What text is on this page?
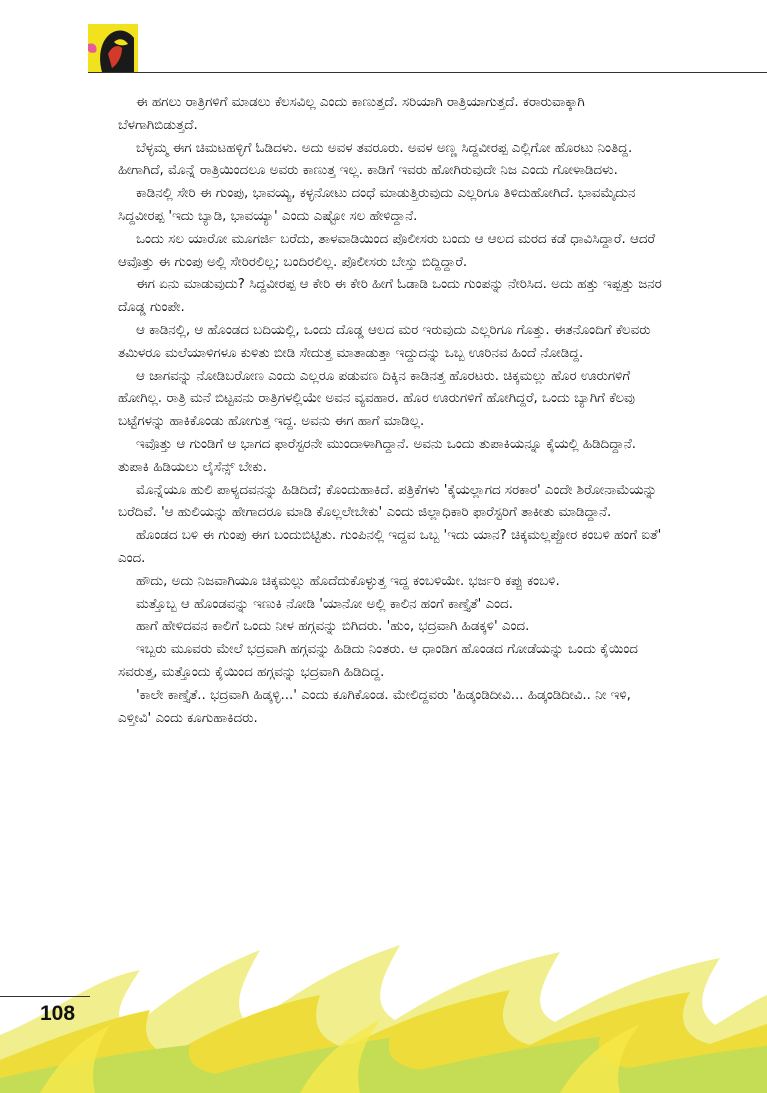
ಈ ಹಗಲು ರಾತ್ರಿಗಳಿಗೆ ಮಾಡಲು ಕೆಲಸವಿಲ್ಲ ಎಂದು ಕಾಣುತ್ತದೆ. ಸರಿಯಾಗಿ ರಾತ್ರಿಯಾಗುತ್ತದೆ. ಕರಾರುವಾಕ್ಕಾಗಿ ಬೆಳಗಾಗಿಬಿಡುತ್ತದೆ.

ಬೆಳ್ಳಮ್ಮ ಈಗ ಚಿಮಟಹಳ್ಳಿಗೆ ಓಡಿದಳು. ಅದು ಅವಳ ತವರೂರು. ಅವಳ ಅಣ್ಣ ಸಿದ್ದವೀರಪ್ಪ ಎಲ್ಲಿಗೋ ಹೊರಟು ನಿಂತಿದ್ದ. ಹೀಗಾಗಿದೆ, ಮೊನ್ನೆ ರಾತ್ರಿಯಿಂದಲೂ ಅವರು ಕಾಣುತ್ತ ಇಲ್ಲ. ಕಾಡಿಗೆ ಇವರು ಹೋಗಿರುವುದೇ ನಿಜ ಎಂದು ಗೋಳಾಡಿದಳು.

ಕಾಡಿನಲ್ಲಿ ಸೇರಿ ಈ ಗುಂಪು, ಭಾವಯ್ಯ, ಕಳ್ಳನೋಟು ದಂಧೆ ಮಾಡುತ್ತಿರುವುದು ಎಲ್ಲರಿಗೂ ತಿಳಿದುಹೋಗಿದೆ. ಭಾವಮೈದುನ ಸಿದ್ದವೀರಪ್ಪ 'ಇದು ಬ್ಯಾಡಿ, ಭಾವಯ್ಯಾ' ಎಂದು ಎಷ್ಟೋ ಸಲ ಹೇಳಿದ್ದಾನೆ.

ಒಂದು ಸಲ ಯಾರೋ ಮೂಗರ್ಜಿ ಬರೆದು, ತಾಳವಾಡಿಯಿಂದ ಪೊಲೀಸರು ಬಂದು ಆ ಆಲದ ಮರದ ಕಡೆ ಧಾವಿಸಿದ್ದಾರೆ. ಆದರೆ ಆವೊತ್ತು ಈ ಗುಂಪು ಅಲ್ಲಿ ಸೇರಿರಲಿಲ್ಲ; ಬಂದಿರಲಿಲ್ಲ. ಪೊಲೀಸರು ಬೇಸ್ತು ಬಿದ್ದಿದ್ದಾರೆ.

ಈಗ ಏನು ಮಾಡುವುದು? ಸಿದ್ದವೀರಪ್ಪ ಆ ಕೇರಿ ಈ ಕೇರಿ ಹೀಗೆ ಓಡಾಡಿ ಒಂದು ಗುಂಪನ್ನು ನೇರಿಸಿದ. ಅದು ಹತ್ತು ಇಪ್ಪತ್ತು ಜನರ ದೊಡ್ಡ ಗುಂಪೇ.

ಆ ಕಾಡಿನಲ್ಲಿ, ಆ ಹೊಂಡದ ಬದಿಯಲ್ಲಿ, ಒಂದು ದೊಡ್ಡ ಆಲದ ಮರ ಇರುವುದು ಎಲ್ಲರಿಗೂ ಗೊತ್ತು. ಈತನೊಂದಿಗೆ ಕೆಲವರು ತಮಿಳರೂ ಮಲೆಯಾಳಿಗಳೂ ಕುಳಿತು ಬೀಡಿ ಸೇದುತ್ತ ಮಾತಾಡುತ್ತಾ ಇದ್ದುದನ್ನು ಒಬ್ಬ ಊರಿನವ ಹಿಂದೆ ನೋಡಿದ್ದ.

ಆ ಜಾಗವನ್ನು ನೋಡಿಬರೋಣ ಎಂದು ಎಲ್ಲರೂ ಪಡುವಣ ದಿಕ್ಕಿನ ಕಾಡಿನತ್ತ ಹೊರಟರು. ಚಿಕ್ಕಮಲ್ಲು ಹೊರ ಊರುಗಳಿಗೆ ಹೋಗಿಲ್ಲ. ರಾತ್ರಿ ಮನೆ ಬಿಟ್ಟವನು ರಾತ್ರಿಗಳಲ್ಲಿಯೇ ಅವನ ವ್ಯವಹಾರ. ಹೊರ ಊರುಗಳಿಗೆ ಹೋಗಿದ್ದರೆ, ಒಂದು ಬ್ಯಾಗಿಗೆ ಕೆಲವು ಬಟ್ಟೆಗಳನ್ನು ಹಾಕಿಕೊಂಡು ಹೋಗುತ್ತ ಇದ್ದ. ಅವನು ಈಗ ಹಾಗೆ ಮಾಡಿಲ್ಲ.

ಇವೊತ್ತು ಆ ಗುಂಡಿಗೆ ಆ ಭಾಗದ ಫಾರೆಸ್ಟರನೇ ಮುಂದಾಳಾಗಿದ್ದಾನೆ. ಅವನು ಒಂದು ತುಪಾಕಿಯನ್ನೂ ಕೈಯಲ್ಲಿ ಹಿಡಿದಿದ್ದಾನೆ. ತುಪಾಕಿ ಹಿಡಿಯಲು ಲೈಸೆನ್ಸ್ ಬೇಕು.

ಮೊನ್ನೆಯೂ ಹುಲಿ ಪಾಳ್ಯದವನನ್ನು ಹಿಡಿದಿದೆ; ಕೊಂದುಹಾಕಿದೆ. ಪತ್ರಿಕೆಗಳು 'ಕೈಯಲ್ಲಾಗದ ಸರಕಾರ' ಎಂದೇ ಶಿರೋನಾಮೆಯನ್ನು ಬರೆದಿವೆ. 'ಆ ಹುಲಿಯನ್ನು ಹೇಗಾದರೂ ಮಾಡಿ ಕೊಲ್ಲಲೇಬೇಕು' ಎಂದು ಜಿಲ್ಲಾಧಿಕಾರಿ ಫಾರೆಸ್ಟರಿಗೆ ತಾಕೀತು ಮಾಡಿದ್ದಾನೆ.

ಹೊಂಡದ ಬಳಿ ಈ ಗುಂಪು ಈಗ ಬಂದುಬಿಟ್ಟಿತು. ಗುಂಪಿನಲ್ಲಿ ಇದ್ದವ ಒಬ್ಬ 'ಇದು ಯಾನ? ಚಿಕ್ಕಮಲ್ಲಪ್ಪೋರ ಕಂಬಳಿ ಹಂಗೆ ಐತೆ' ಎಂದ.

ಹೌದು, ಅದು ನಿಜವಾಗಿಯೂ ಚಿಕ್ಕಮಲ್ಲು ಹೊದೆದುಕೊಳ್ಳುತ್ತ ಇದ್ದ ಕಂಬಳಿಯೇ. ಭರ್ಜರಿ ಕಪ್ಪು ಕಂಬಳಿ.

ಮತ್ತೊಬ್ಬ ಆ ಹೊಂಡವನ್ನು ಇಣುಕಿ ನೋಡಿ 'ಯಾನೋ ಅಲ್ಲಿ ಕಾಲಿನ ಹಂಗೆ ಕಾಣ್ತೈತೆ' ಎಂದ.

ಹಾಗೆ ಹೇಳಿದವನ ಕಾಲಿಗೆ ಒಂದು ನೀಳ ಹಗ್ಗವನ್ನು ಬಿಗಿದರು. 'ಹುಂ, ಭದ್ರವಾಗಿ ಹಿಡಕ್ಕಳಿ' ಎಂದ.

ಇಬ್ಬರು ಮೂವರು ಮೇಲೆ ಭದ್ರವಾಗಿ ಹಗ್ಗವನ್ನು ಹಿಡಿದು ನಿಂತರು. ಆ ಧಾಂಡಿಗ ಹೊಂಡದ ಗೋಡೆಯನ್ನು ಒಂದು ಕೈಯಿಂದ ಸವರುತ್ತ, ಮತ್ತೊಂದು ಕೈಯಿಂದ ಹಗ್ಗವನ್ನು ಭದ್ರವಾಗಿ ಹಿಡಿದಿದ್ದ.

'ಕಾಲೇ ಕಾಣ್ತೈತೆ.. ಭದ್ರವಾಗಿ ಹಿಡ್ಕಳ್ಳಿ...' ಎಂದು ಕೂಗಿಕೊಂಡ. ಮೇಲಿದ್ದವರು 'ಹಿಡ್ಕಂಡಿದೀವಿ... ಹಿಡ್ಕಂಡಿದೀವಿ.. ನೀ ಇಳಿ, ಎಳ್ತೀವಿ' ಎಂದು ಕೂಗುಹಾಕಿದರು.

108
